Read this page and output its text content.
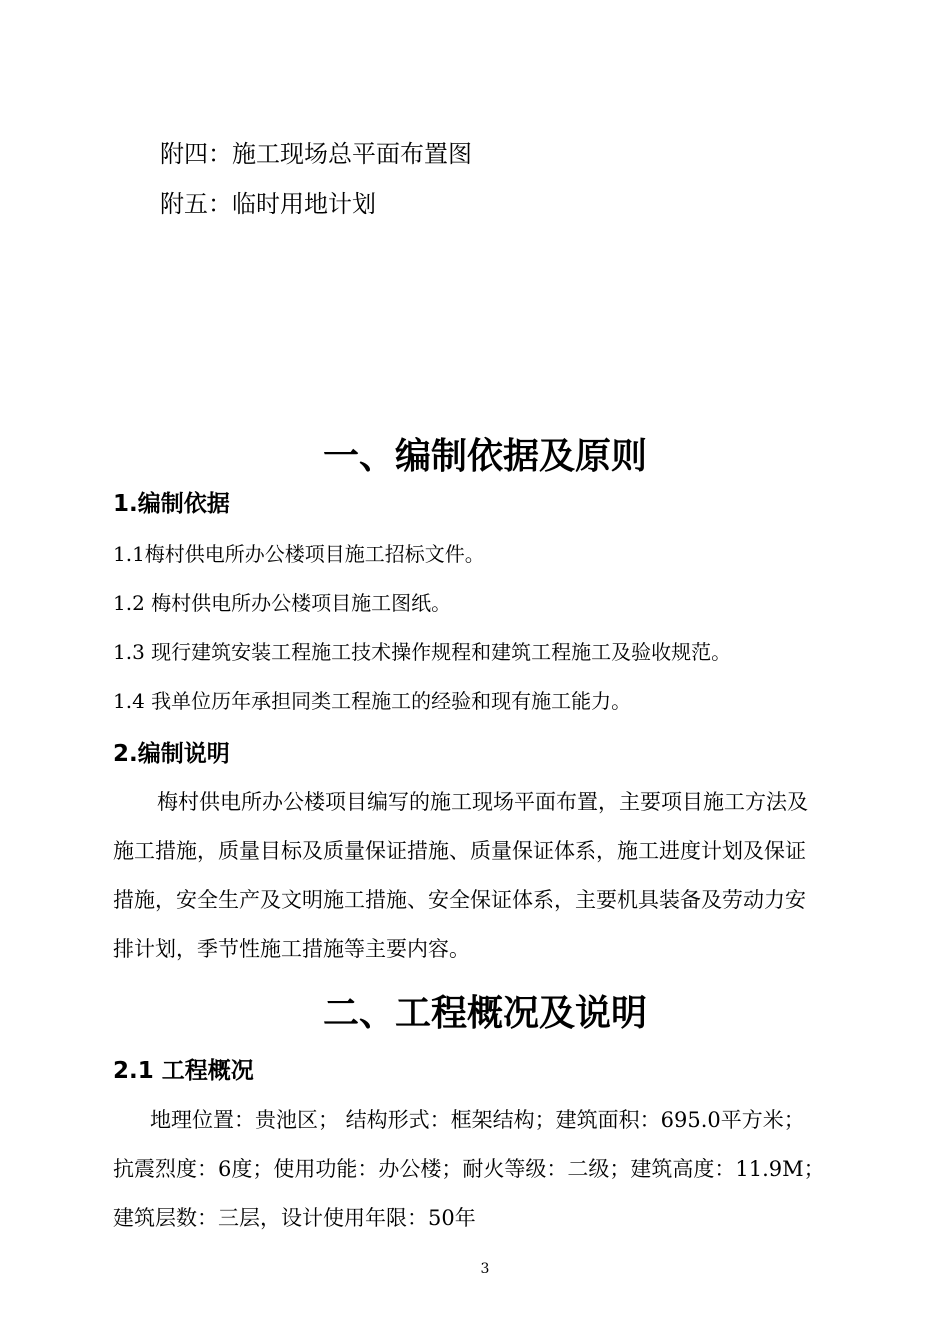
附四：施工现场总平面布置图
附五：临时用地计划
一、编制依据及原则
1.编制依据
1.1梅村供电所办公楼项目施工招标文件。
1.2 梅村供电所办公楼项目施工图纸。
1.3 现行建筑安装工程施工技术操作规程和建筑工程施工及验收规范。
1.4 我单位历年承担同类工程施工的经验和现有施工能力。
2.编制说明
梅村供电所办公楼项目编写的施工现场平面布置，主要项目施工方法及
施工措施，质量目标及质量保证措施、质量保证体系，施工进度计划及保证
措施，安全生产及文明施工措施、安全保证体系，主要机具装备及劳动力安
排计划，季节性施工措施等主要内容。
二、工程概况及说明
2.1 工程概况
地理位置：贵池区； 结构形式：框架结构；建筑面积：695.0平方米；
抗震烈度：6度；使用功能：办公楼；耐火等级：二级；建筑高度：11.9M；
建筑层数：三层，设计使用年限：50年
3
